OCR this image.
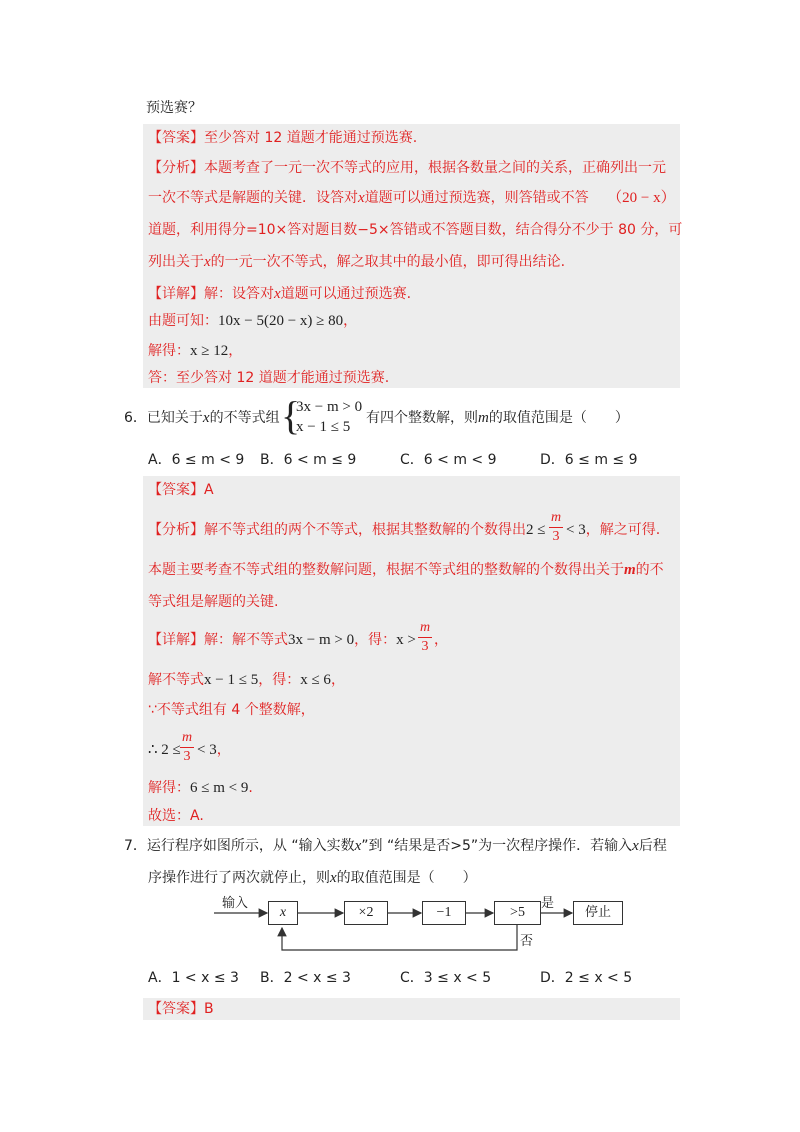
预选赛？
【答案】至少答对 12 道题才能通过预选赛.
【分析】本题考查了一元一次不等式的应用，根据各数量之间的关系，正确列出一元
一次不等式是解题的关键．设答对x道题可以通过预选赛，则答错或不答 （20 − x）
道题，利用得分=10×答对题目数−5×答错或不答题目数，结合得分不少于 80 分，可
列出关于x的一元一次不等式，解之取其中的最小值，即可得出结论.
【详解】解：设答对x道题可以通过预选赛.
由题可知：10x − 5(20 − x) ≥ 80，
解得：x ≥ 12，
答：至少答对 12 道题才能通过预选赛.
6．已知关于x的不等式组 {
3x − m > 0
x − 1 ≤ 5
有四个整数解，则m的取值范围是（　　）
A．6 ≤ m < 9 B．6 < m ≤ 9	C．6 < m < 9	D．6 ≤ m ≤ 9
【答案】A
【分析】解不等式组的两个不等式，根据其整数解的个数得出2 ≤
m
3 < 3，解之可得.
本题主要考查不等式组的整数解问题，根据不等式组的整数解的个数得出关于m的不
等式组是解题的关键.
【详解】解：解不等式3x − m > 0，得：x >
m
3 ，
解不等式x − 1 ≤ 5，得：x ≤ 6，
∵不等式组有 4 个整数解，
∴ 2 ≤
m
3 < 3，
解得：6 ≤ m < 9.
故选：A.
7．运行程序如图所示，从 “输入实数x”到 “结果是否>5”为一次程序操作．若输入x后程
序操作进行了两次就停止，则x的取值范围是（　　）
输入
x	×2	−1	>5
是
否
停止
A．1 < x ≤ 3 B．2 < x ≤ 3	C．3 ≤ x < 5	D．2 ≤ x < 5
【答案】B
